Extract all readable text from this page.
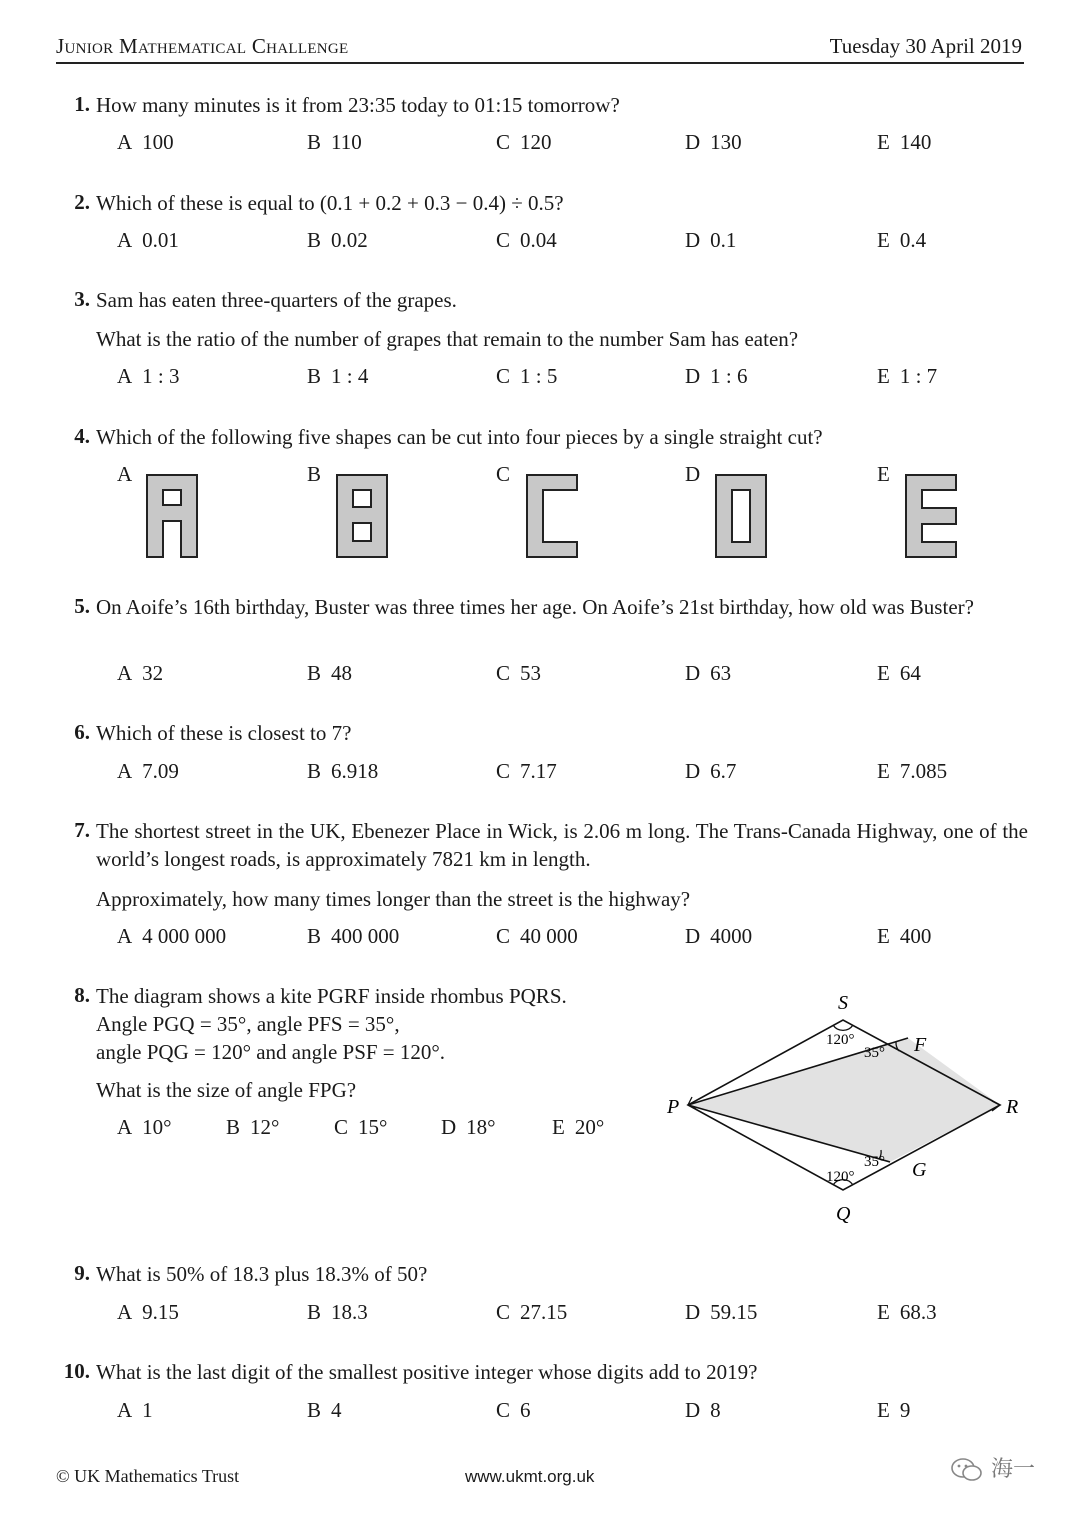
Junior Mathematical Challenge	Tuesday 30 April 2019
1. How many minutes is it from 23:35 today to 01:15 tomorrow?
A 100	B 110	C 120	D 130	E 140
2. Which of these is equal to (0.1 + 0.2 + 0.3 − 0.4) ÷ 0.5?
A 0.01	B 0.02	C 0.04	D 0.1	E 0.4
3. Sam has eaten three-quarters of the grapes.
What is the ratio of the number of grapes that remain to the number Sam has eaten?
A 1 : 3	B 1 : 4	C 1 : 5	D 1 : 6	E 1 : 7
4. Which of the following five shapes can be cut into four pieces by a single straight cut?
A	B	C	D	E
5. On Aoife’s 16th birthday, Buster was three times her age. On Aoife’s 21st birthday, how old was Buster?
A 32	B 48	C 53	D 63	E 64
6. Which of these is closest to 7?
A 7.09	B 6.918	C 7.17	D 6.7	E 7.085
7. The shortest street in the UK, Ebenezer Place in Wick, is 2.06 m long. The Trans-Canada Highway, one of the world’s longest roads, is approximately 7821 km in length.
Approximately, how many times longer than the street is the highway?
A 4 000 000	B 400 000	C 40 000	D 4000	E 400
8. The diagram shows a kite PGRF inside rhombus PQRS.
Angle PGQ = 35°, angle PFS = 35°,
angle PQG = 120° and angle PSF = 120°.
What is the size of angle FPG?
A 10°	B 12°	C 15°	D 18°	E 20°
S
P	R
Q
F
G
120°
35°
120°
35°
9. What is 50% of 18.3 plus 18.3% of 50?
A 9.15	B 18.3	C 27.15	D 59.15	E 68.3
10. What is the last digit of the smallest positive integer whose digits add to 2019?
A 1	B 4	C 6	D 8	E 9
© UK Mathematics Trust	www.ukmt.org.uk	海一
